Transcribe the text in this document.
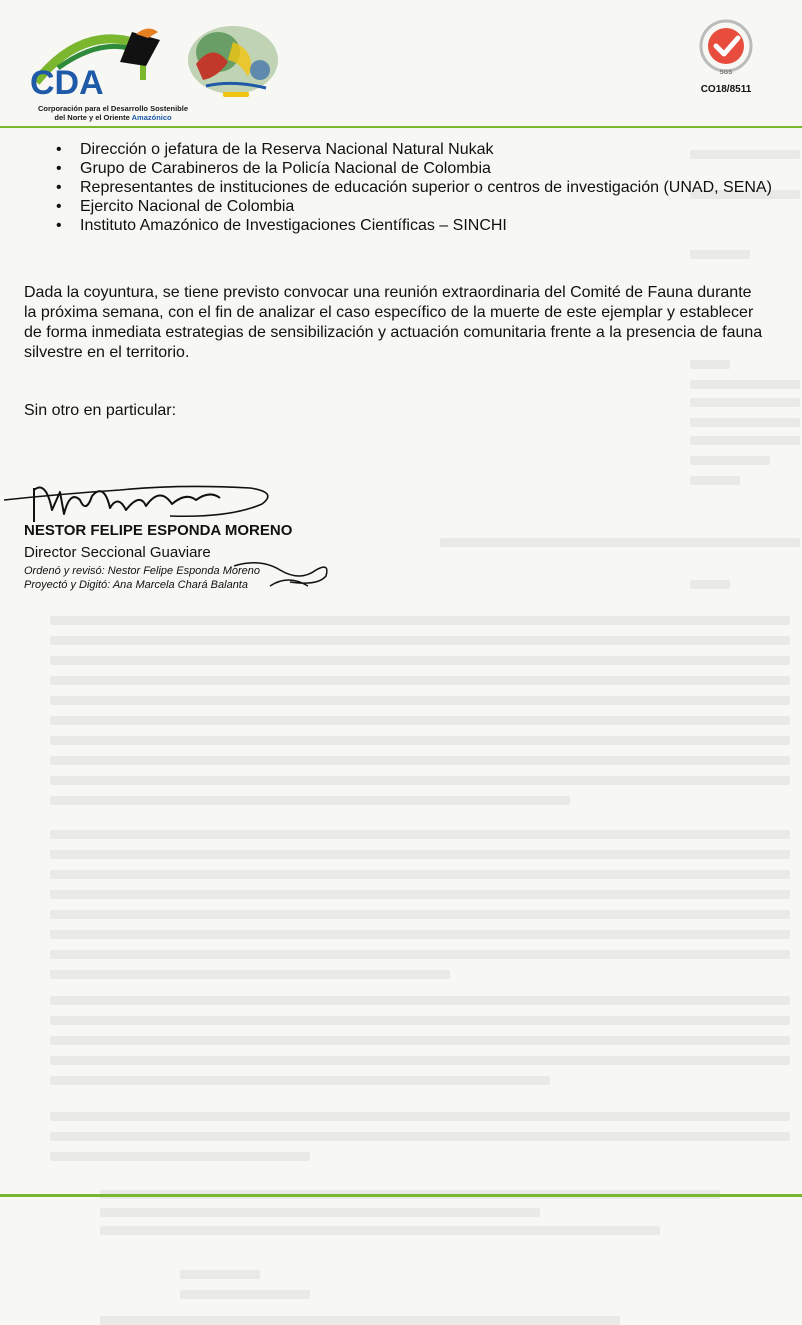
CDA
Corporación para el Desarrollo Sostenible
del Norte y el Oriente Amazónico
SGS
CO18/8511
• Dirección o jefatura de la Reserva Nacional Natural Nukak
• Grupo de Carabineros de la Policía Nacional de Colombia
• Representantes de instituciones de educación superior o centros de investigación (UNAD, SENA)
• Ejercito Nacional de Colombia
• Instituto Amazónico de Investigaciones Científicas – SINCHI
Dada la coyuntura, se tiene previsto convocar una reunión extraordinaria del Comité de Fauna durante la próxima semana, con el fin de analizar el caso específico de la muerte de este ejemplar y establecer de forma inmediata estrategias de sensibilización y actuación comunitaria frente a la presencia de fauna silvestre en el territorio.
Sin otro en particular:
NESTOR FELIPE ESPONDA MORENO
Director Seccional Guaviare
Ordenó y revisó: Nestor Felipe Esponda Moreno
Proyectó y Digitó: Ana Marcela Chará Balanta
